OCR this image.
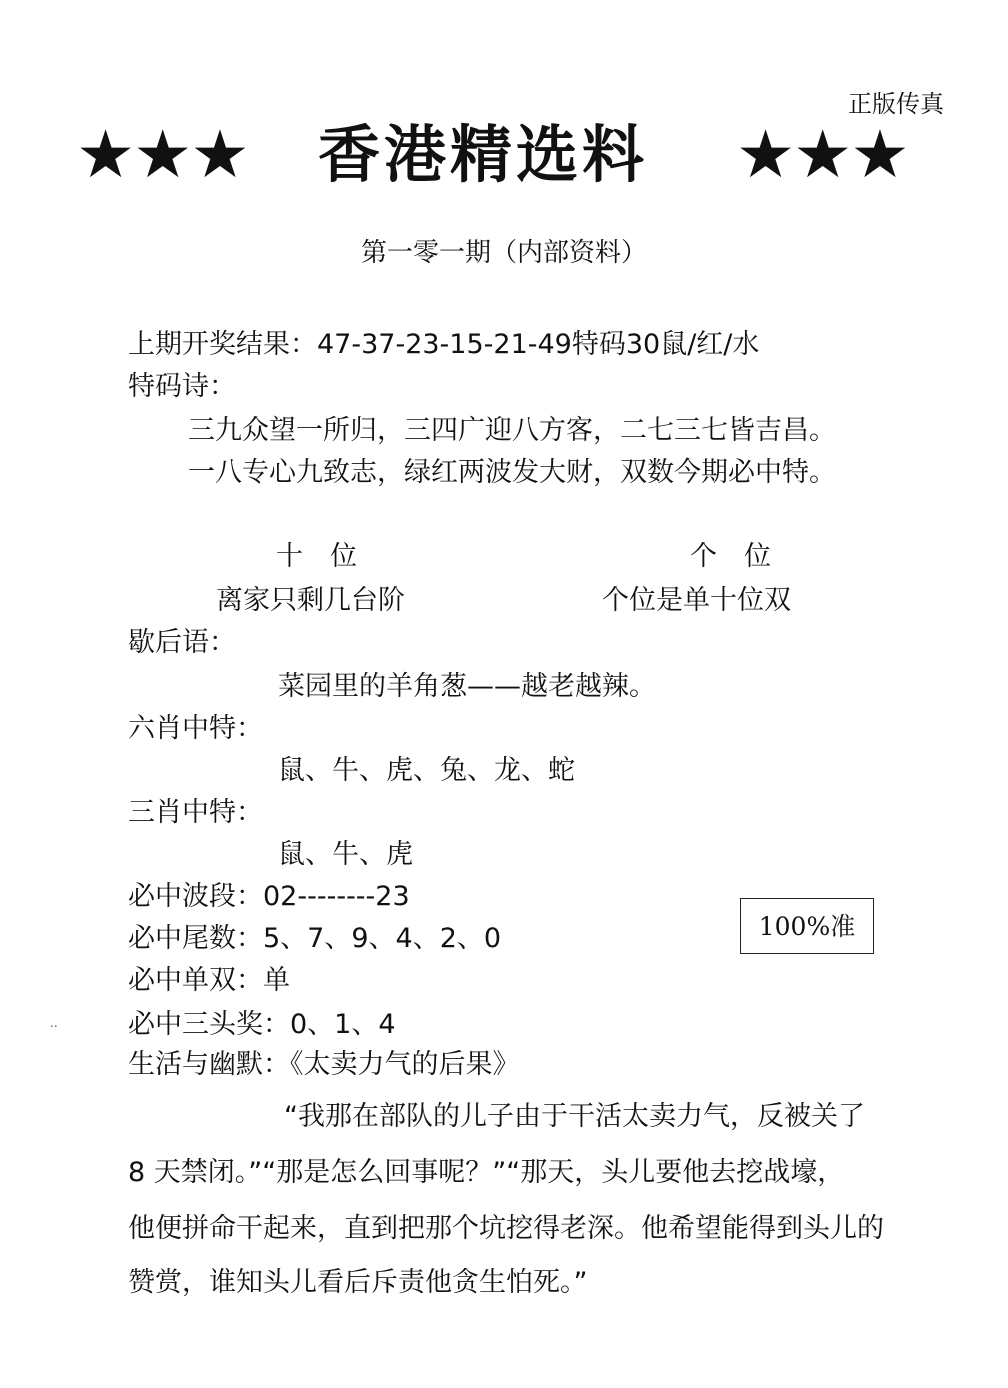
正版传真
★★★ 香港精选料 ★★★
第一零一期（内部资料）
上期开奖结果：47-37-23-15-21-49特码30鼠/红/水
特码诗：
三九众望一所归，三四广迎八方客，二七三七皆吉昌。
一八专心九致志，绿红两波发大财，双数今期必中特。
十　位	个　位
离家只剩几台阶	个位是单十位双
歇后语：
菜园里的羊角葱——越老越辣。
六肖中特：
鼠、牛、虎、兔、龙、蛇
三肖中特：
鼠、牛、虎
必中波段：02--------23
必中尾数：5、7、9、4、2、0
必中单双：单
必中三头奖：0、1、4
100%准
..
生活与幽默：《太卖力气的后果》
“我那在部队的儿子由于干活太卖力气，反被关了
8 天禁闭。”“那是怎么回事呢？”“那天，头儿要他去挖战壕，
他便拼命干起来，直到把那个坑挖得老深。他希望能得到头儿的
赞赏，谁知头儿看后斥责他贪生怕死。”
